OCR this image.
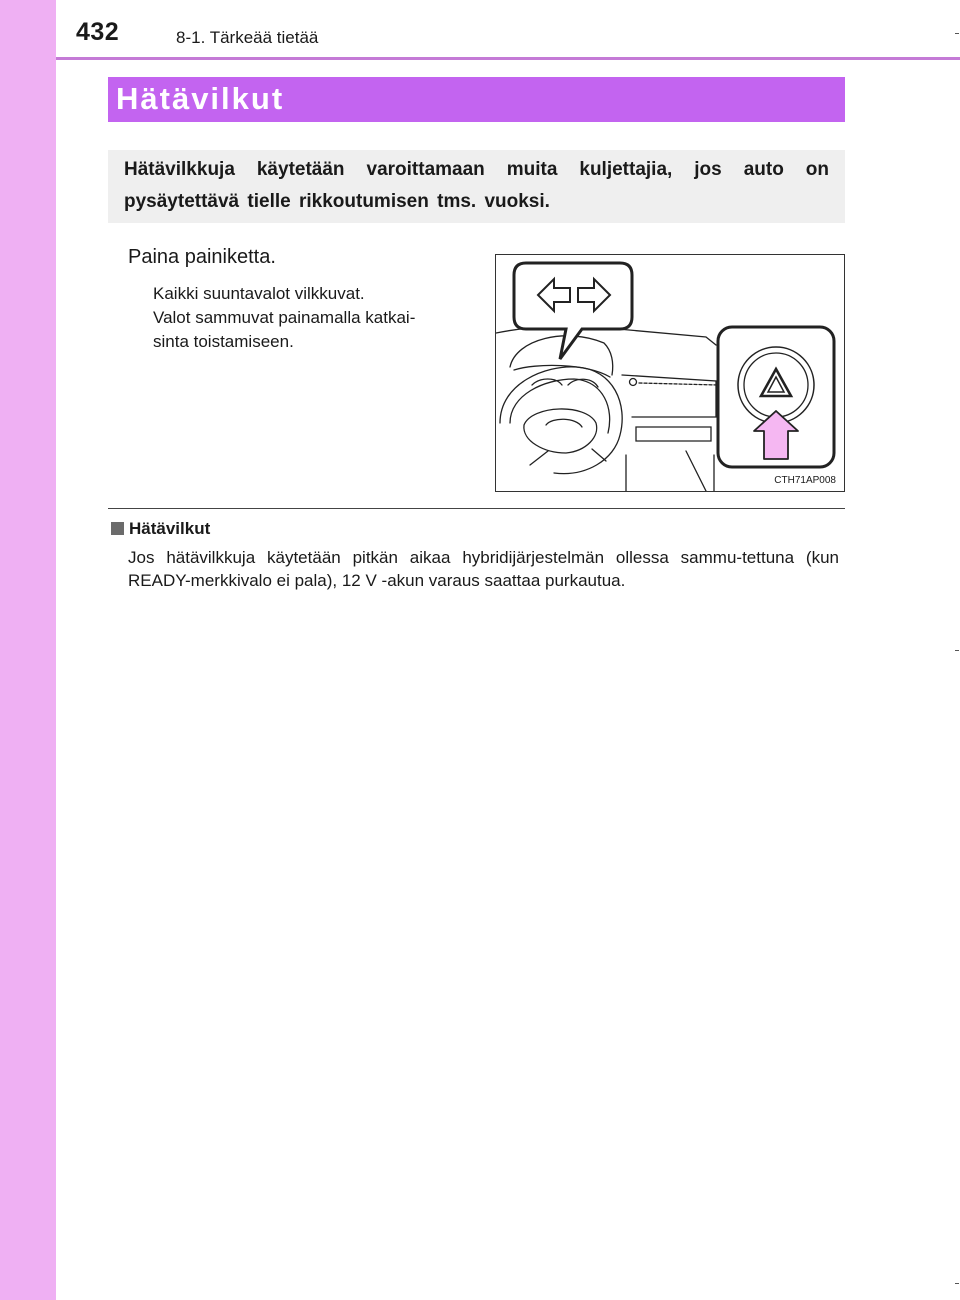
432	8-1. Tärkeää tietää
Hätävilkut
Hätävilkkuja käytetään varoittamaan muita kuljettajia, jos auto on pysäytettävä tielle rikkoutumisen tms. vuoksi.
Paina painiketta.
Kaikki suuntavalot vilkkuvat.
Valot sammuvat painamalla katkai-
sinta toistamiseen.
CTH71AP008
Hätävilkut
Jos hätävilkkuja käytetään pitkän aikaa hybridijärjestelmän ollessa sammu-tettuna (kun READY-merkkivalo ei pala), 12 V -akun varaus saattaa purkautua.
